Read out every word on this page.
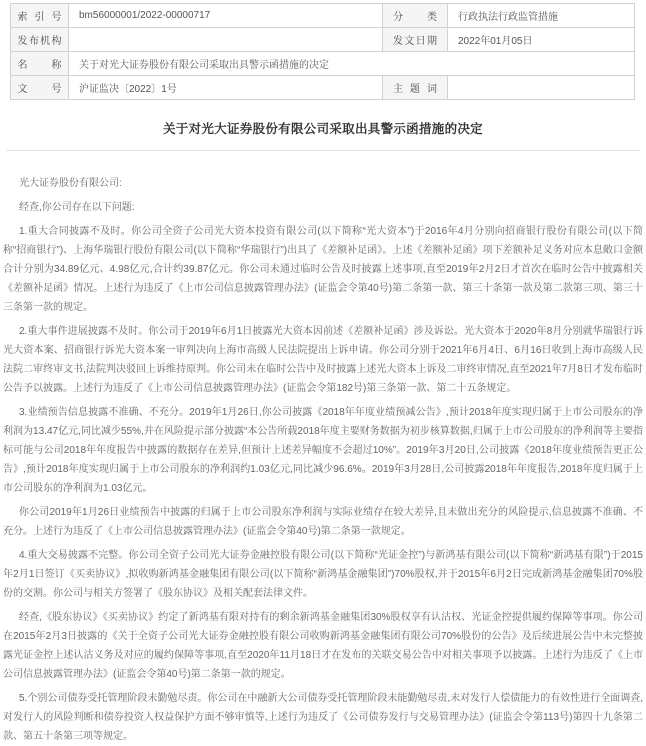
索引号	bm56000001/2022-00000717	分类	行政执法行政监管措施

发布机构		发文日期	2022年01月05日

名称	关于对光大证券股份有限公司采取出具警示函措施的决定		

文号	沪证监决〔2022〕1号	主题词	

关于对光大证券股份有限公司采取出具警示函措施的决定

光大证券股份有限公司:

经查,你公司存在以下问题:

1.重大合同披露不及时。你公司全资子公司光大资本投资有限公司(以下简称“光大资本”)于2016年4月分别向招商银行股份有限公司(以下简称“招商银行”)、上海华瑞银行股份有限公司(以下简称“华瑞银行”)出具了《差额补足函》。上述《差额补足函》项下差额补足义务对应本息敞口金额合计分别为34.89亿元、4.98亿元,合计约39.87亿元。你公司未通过临时公告及时披露上述事项,直至2019年2月2日才首次在临时公告中披露相关《差额补足函》情况。上述行为违反了《上市公司信息披露管理办法》(证监会令第40号)第二条第一款、第三十条第一款及第二款第三项、第三十三条第一款的规定。

2.重大事件进展披露不及时。你公司于2019年6月1日披露光大资本因前述《差额补足函》涉及诉讼。光大资本于2020年8月分别就华瑞银行诉光大资本案、招商银行诉光大资本案一审判决向上海市高级人民法院提出上诉申请。你公司分别于2021年6月4日、6月16日收到上海市高级人民法院二审终审文书,法院判决驳回上诉维持原判。你公司未在临时公告中及时披露上述光大资本上诉及二审终审情况,直至2021年7月8日才发布临时公告予以披露。上述行为违反了《上市公司信息披露管理办法》(证监会令第182号)第三条第一款、第二十五条规定。

3.业绩预告信息披露不准确、不充分。2019年1月26日,你公司披露《2018年年度业绩预减公告》,预计2018年度实现归属于上市公司股东的净利润为13.47亿元,同比减少55%,并在风险提示部分披露“本公告所载2018年度主要财务数据为初步核算数据,归属于上市公司股东的净利润等主要指标可能与公司2018年年度报告中披露的数据存在差异,但预计上述差异幅度不会超过10%”。2019年3月20日,公司披露《2018年度业绩预告更正公告》,预计2018年度实现归属于上市公司股东的净利润约1.03亿元,同比减少96.6%。2019年3月28日,公司披露2018年年度报告,2018年度归属于上市公司股东的净利润为1.03亿元。

你公司2019年1月26日业绩预告中披露的归属于上市公司股东净利润与实际业绩存在较大差异,且未做出充分的风险提示,信息披露不准确、不充分。上述行为违反了《上市公司信息披露管理办法》(证监会令第40号)第二条第一款规定。

4.重大交易披露不完整。你公司全资子公司光大证券金融控股有限公司(以下简称“光证金控”)与新鸿基有限公司(以下简称“新鸿基有限”)于2015年2月1日签订《买卖协议》,拟收购新鸿基金融集团有限公司(以下简称“新鸿基金融集团”)70%股权,并于2015年6月2日完成新鸿基金融集团70%股份的交割。你公司与相关方签署了《股东协议》及相关配套法律文件。

经查,《股东协议》《买卖协议》约定了新鸿基有限对持有的剩余新鸿基金融集团30%股权享有认沽权、光证金控提供履约保障等事项。你公司在2015年2月3日披露的《关于全资子公司光大证券金融控股有限公司收购新鸿基金融集团有限公司70%股份的公告》及后续进展公告中未完整披露光证金控上述认沽义务及对应的履约保障等事项,直至2020年11月18日才在发布的关联交易公告中对相关事项予以披露。上述行为违反了《上市公司信息披露管理办法》(证监会令第40号)第二条第一款的规定。

5.个别公司债券受托管理阶段未勤勉尽责。你公司在中融新大公司债券受托管理阶段未能勤勉尽责,未对发行人偿债能力的有效性进行全面调查,对发行人的风险判断和债券投资人权益保护方面不够审慎等,上述行为违反了《公司债券发行与交易管理办法》(证监会令第113号)第四十九条第二款、第五十条第三项等规定。
